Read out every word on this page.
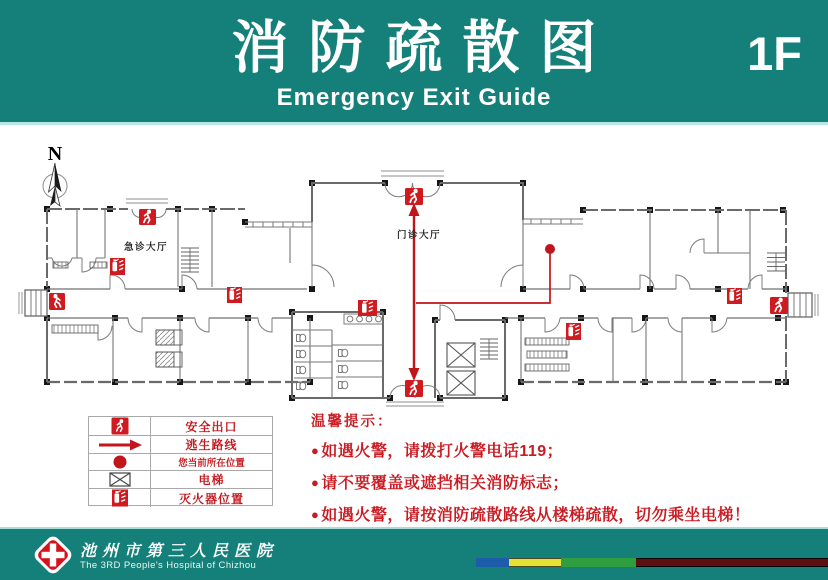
消防疏散图
Emergency Exit Guide
1F
N
急诊大厅
门诊大厅
安全出口
逃生路线
您当前所在位置
电梯
灭火器位置
温馨提示：
● 如遇火警，请拨打火警电话119；
● 请不要覆盖或遮挡相关消防标志；
● 如遇火警，请按消防疏散路线从楼梯疏散，切勿乘坐电梯！
池州市第三人民医院
The 3RD People's Hospital of Chizhou
